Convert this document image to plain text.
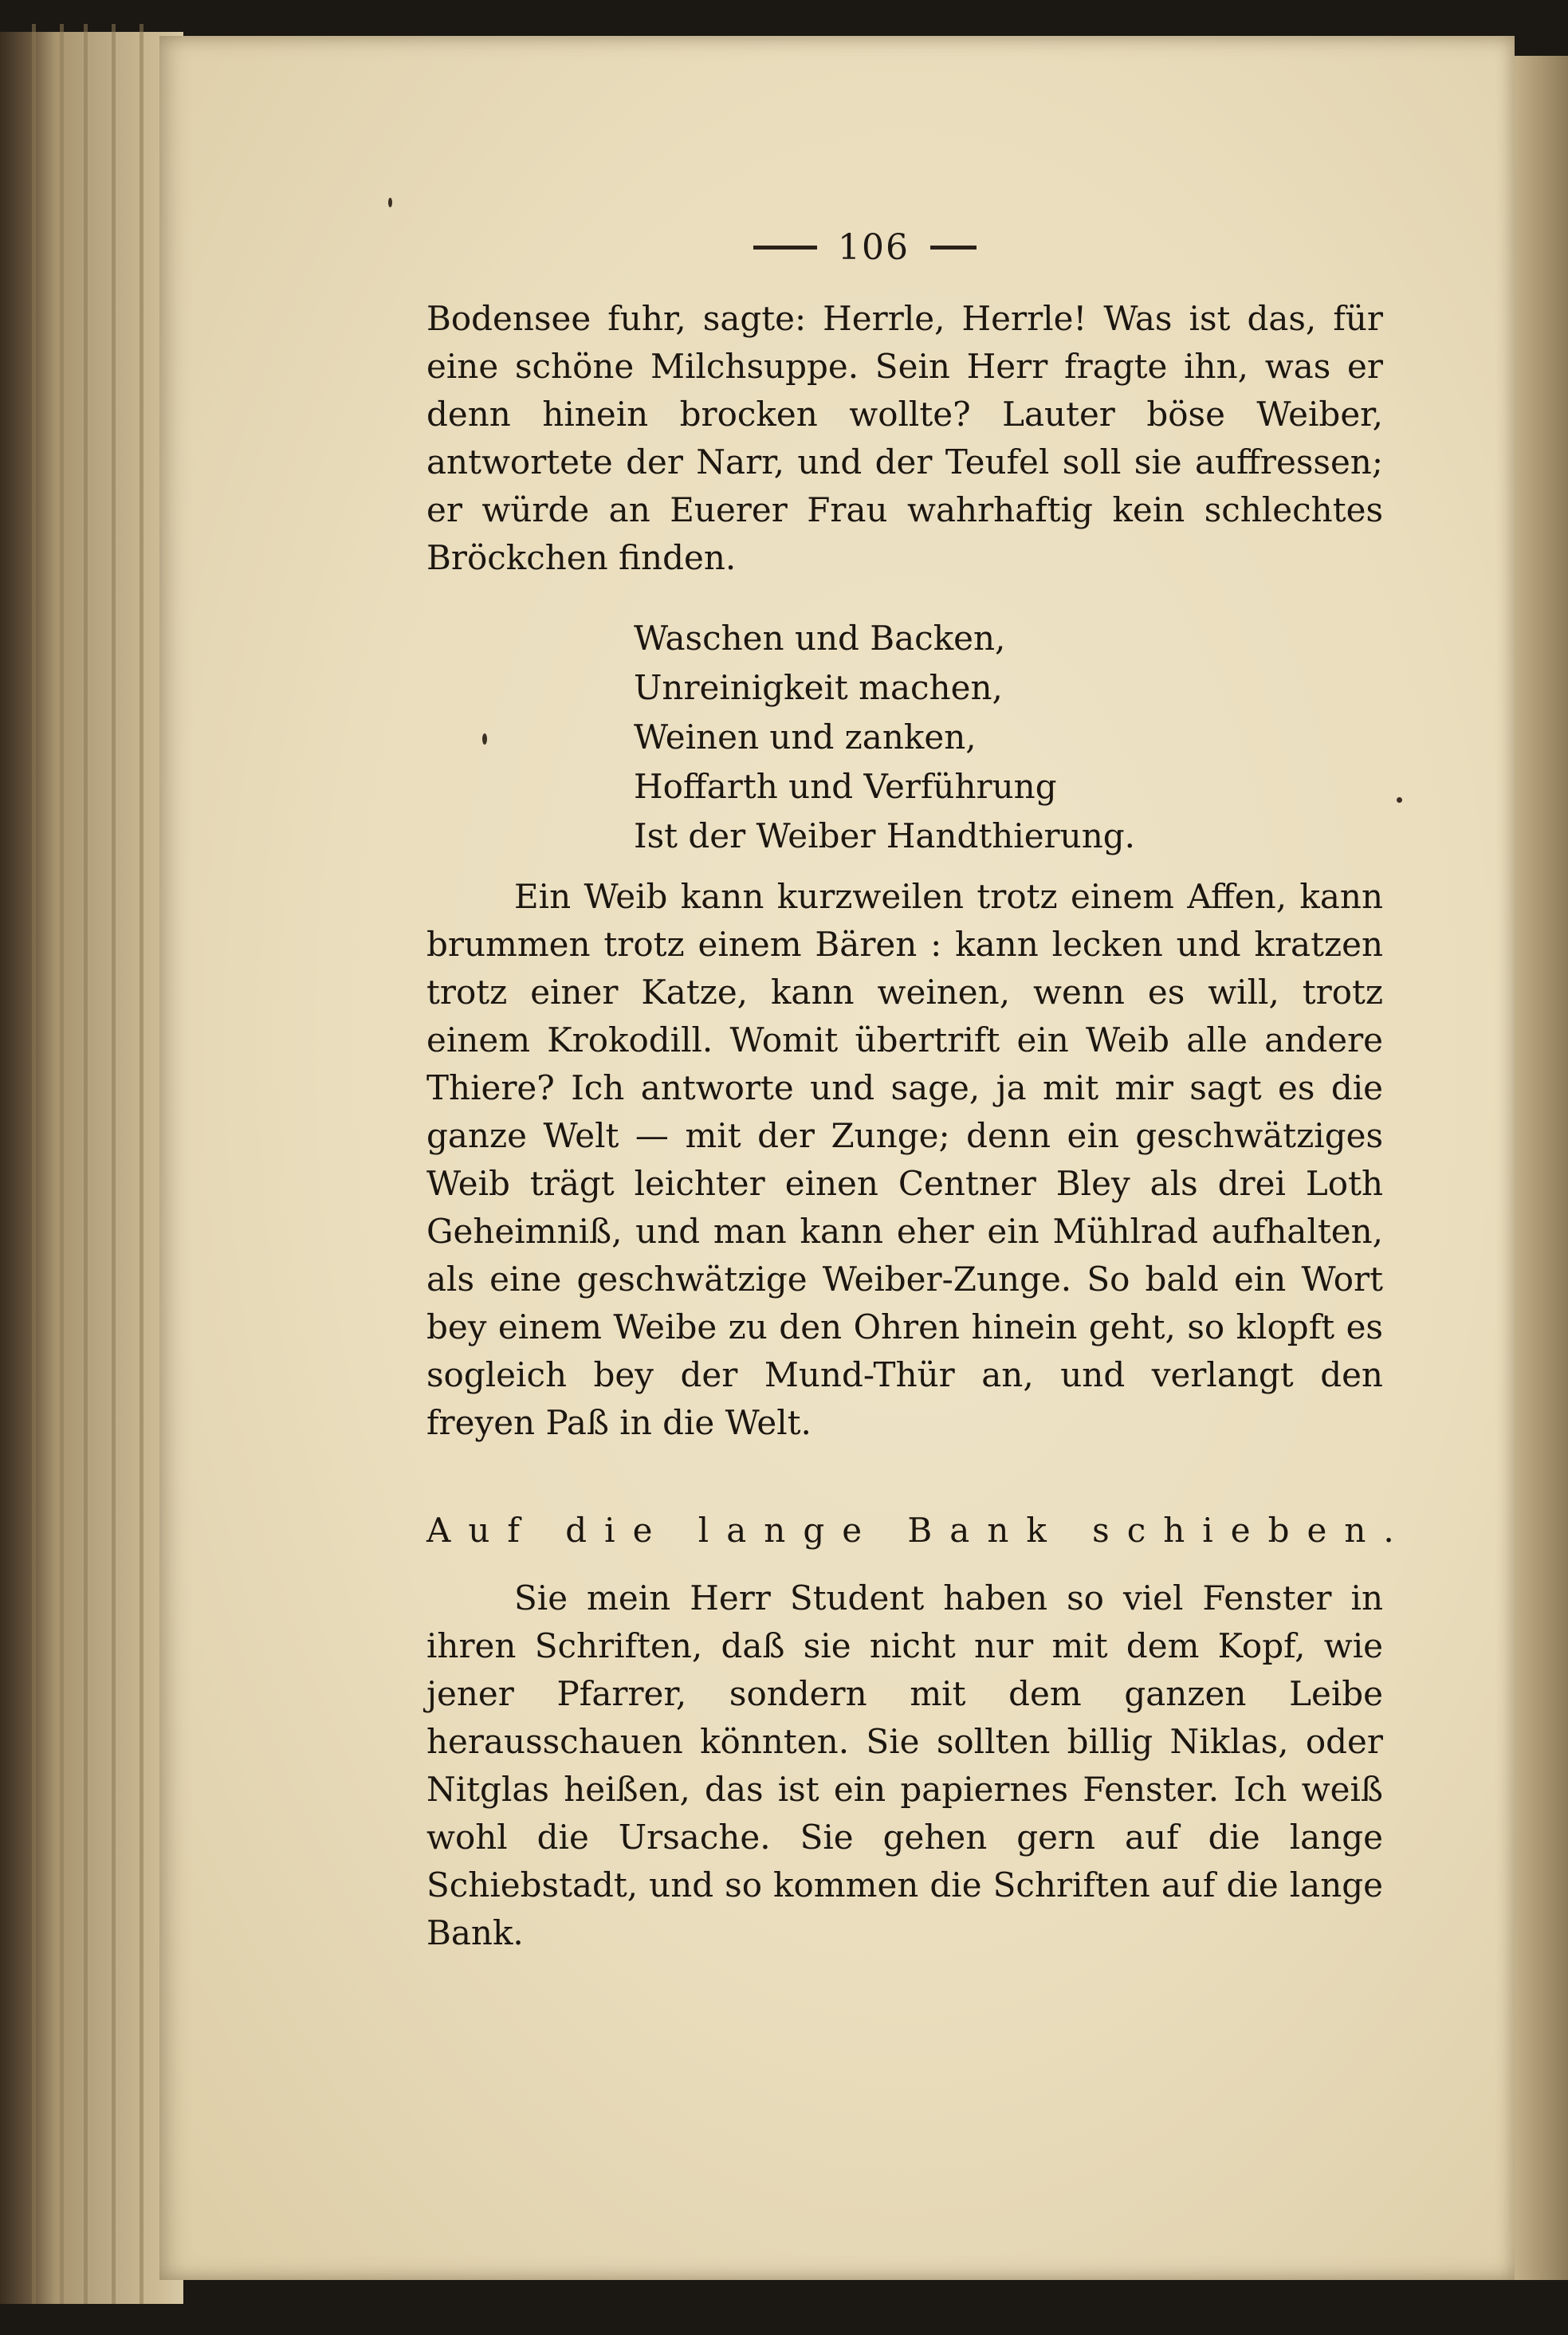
106

Bodensee fuhr, sagte: Herrle, Herrle! Was ist das, für eine schöne Milchsuppe. Sein Herr fragte ihn, was er denn hinein brocken wollte? Lauter böse Weiber, antwortete der Narr, und der Teufel soll sie auffressen; er würde an Euerer Frau wahrhaftig kein schlechtes Bröckchen finden.

Waschen und Backen,
Unreinigkeit machen,
Weinen und zanken,
Hoffarth und Verführung
Ist der Weiber Handthierung.

Ein Weib kann kurzweilen trotz einem Affen, kann brummen trotz einem Bären : kann lecken und kratzen trotz einer Katze, kann weinen, wenn es will, trotz einem Krokodill. Womit übertrift ein Weib alle andere Thiere? Ich antworte und sage, ja mit mir sagt es die ganze Welt — mit der Zunge; denn ein geschwätziges Weib trägt leichter einen Centner Bley als drei Loth Geheimniß, und man kann eher ein Mühlrad aufhalten, als eine geschwätzige Weiber-Zunge. So bald ein Wort bey einem Weibe zu den Ohren hinein geht, so klopft es sogleich bey der Mund-Thür an, und verlangt den freyen Paß in die Welt.

Auf die lange Bank schieben.

Sie mein Herr Student haben so viel Fenster in ihren Schriften, daß sie nicht nur mit dem Kopf, wie jener Pfarrer, sondern mit dem ganzen Leibe herausschauen könnten. Sie sollten billig Niklas, oder Nitglas heißen, das ist ein papiernes Fenster. Ich weiß wohl die Ursache. Sie gehen gern auf die lange Schiebstadt, und so kommen die Schriften auf die lange Bank.
